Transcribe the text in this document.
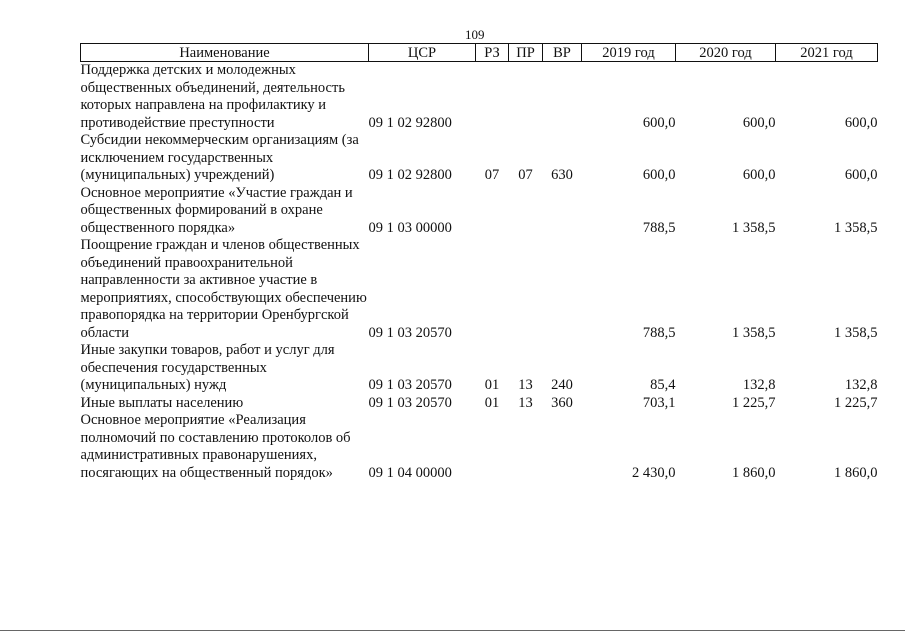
109
Наименование	ЦСР	РЗ	ПР	ВР	2019 год	2020 год	2021 год
Поддержка детских и молодежных общественных объединений, деятельность которых направлена на профилактику и противодействие преступности	09 1 02 92800				600,0	600,0	600,0
Субсидии некоммерческим организациям (за исключением государственных (муниципальных) учреждений)	09 1 02 92800	07	07	630	600,0	600,0	600,0
Основное мероприятие «Участие граждан и общественных формирований в охране общественного порядка»	09 1 03 00000				788,5	1 358,5	1 358,5
Поощрение граждан и членов общественных объединений правоохранительной направленности за активное участие в мероприятиях, способствующих обеспечению правопорядка на территории Оренбургской области	09 1 03 20570				788,5	1 358,5	1 358,5
Иные закупки товаров, работ и услуг для обеспечения государственных (муниципальных) нужд	09 1 03 20570	01	13	240	85,4	132,8	132,8
Иные выплаты населению	09 1 03 20570	01	13	360	703,1	1 225,7	1 225,7
Основное мероприятие «Реализация полномочий по составлению протоколов об административных правонарушениях, посягающих на общественный порядок»	09 1 04 00000				2 430,0	1 860,0	1 860,0
